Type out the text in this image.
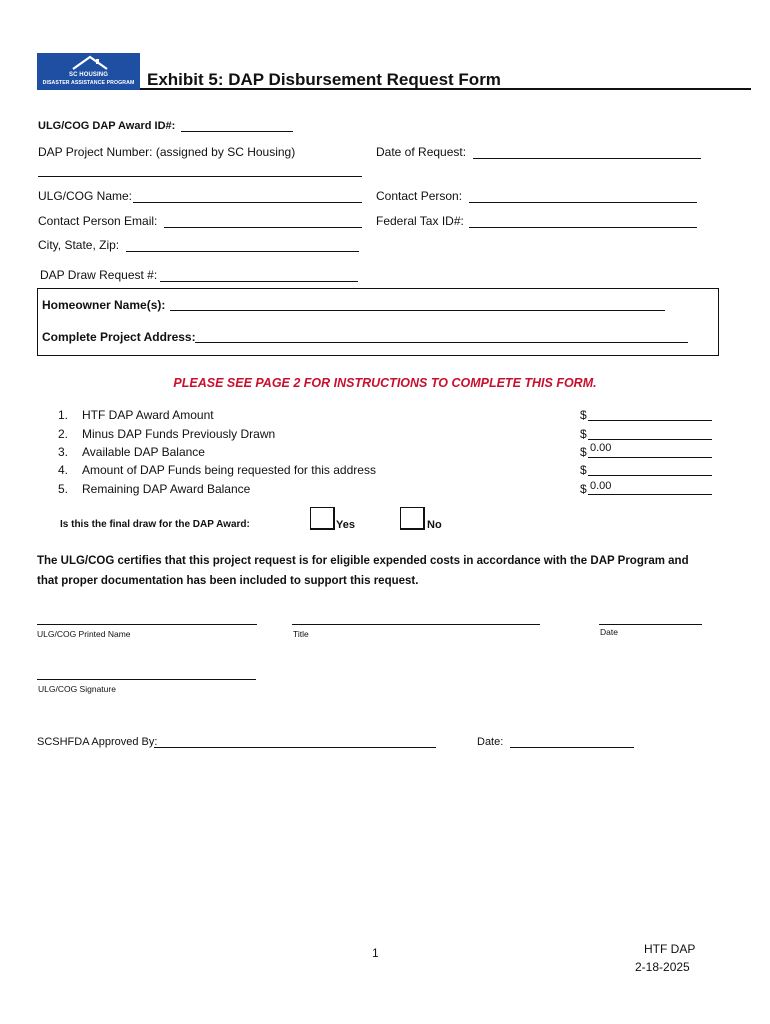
SC HOUSING
DISASTER ASSISTANCE PROGRAM Exhibit 5: DAP Disbursement Request Form
ULG/COG DAP Award ID#:
DAP Project Number: (assigned by SC Housing)	Date of Request:
ULG/COG Name:	Contact Person:
Contact Person Email:	Federal Tax ID#:
City, State, Zip:
DAP Draw Request #:
Homeowner Name(s):
Complete Project Address:
PLEASE SEE PAGE 2 FOR INSTRUCTIONS TO COMPLETE THIS FORM.
1. HTF DAP Award Amount	$
2. Minus DAP Funds Previously Drawn	$
3. Available DAP Balance	$ 0.00
4. Amount of DAP Funds being requested for this address	$
5. Remaining DAP Award Balance	$ 0.00
Is this the final draw for the DAP Award:	Yes	No
The ULG/COG certifies that this project request is for eligible expended costs in accordance with the DAP Program and
that proper documentation has been included to support this request.
ULG/COG Printed Name	Title	Date
ULG/COG Signature
SCSHFDA Approved By:	Date:
1	HTF DAP
2-18-2025
